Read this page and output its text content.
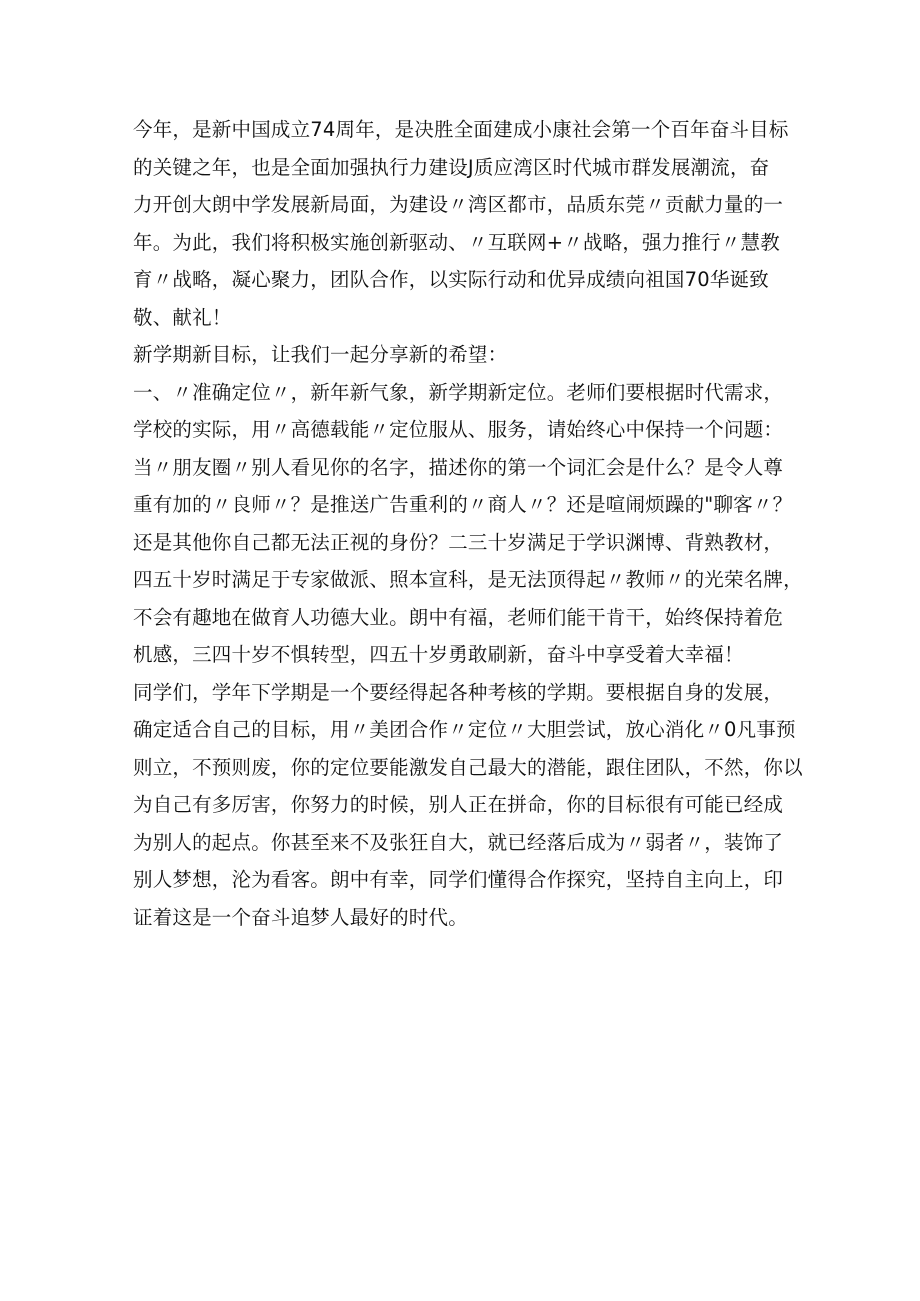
今年，是新中国成立74周年，是决胜全面建成小康社会第一个百年奋斗目标
的关键之年，也是全面加强执行力建设J质应湾区时代城市群发展潮流，奋
力开创大朗中学发展新局面，为建设〃湾区都市，品质东莞〃贡献力量的一
年。为此，我们将积极实施创新驱动、〃互联网+〃战略，强力推行〃慧教
育〃战略，凝心聚力，团队合作，以实际行动和优异成绩向祖国70华诞致
敬、献礼！
新学期新目标，让我们一起分享新的希望：
一、〃准确定位〃，新年新气象，新学期新定位。老师们要根据时代需求，
学校的实际，用〃高德载能〃定位服从、服务，请始终心中保持一个问题：
当〃朋友圈〃别人看见你的名字，描述你的第一个词汇会是什么？是令人尊
重有加的〃良师〃？是推送广告重利的〃商人〃？还是喧闹烦躁的"聊客〃？
还是其他你自己都无法正视的身份？二三十岁满足于学识渊博、背熟教材，
四五十岁时满足于专家做派、照本宣科，是无法顶得起〃教师〃的光荣名牌，
不会有趣地在做育人功德大业。朗中有福，老师们能干肯干，始终保持着危
机感，三四十岁不惧转型，四五十岁勇敢刷新，奋斗中享受着大幸福！
同学们，学年下学期是一个要经得起各种考核的学期。要根据自身的发展，
确定适合自己的目标，用〃美团合作〃定位〃大胆尝试，放心消化〃0凡事预
则立，不预则废，你的定位要能激发自己最大的潜能，跟住团队，不然，你以
为自己有多厉害，你努力的时候，别人正在拼命，你的目标很有可能已经成
为别人的起点。你甚至来不及张狂自大，就已经落后成为〃弱者〃，装饰了
别人梦想，沦为看客。朗中有幸，同学们懂得合作探究，坚持自主向上，印
证着这是一个奋斗追梦人最好的时代。
